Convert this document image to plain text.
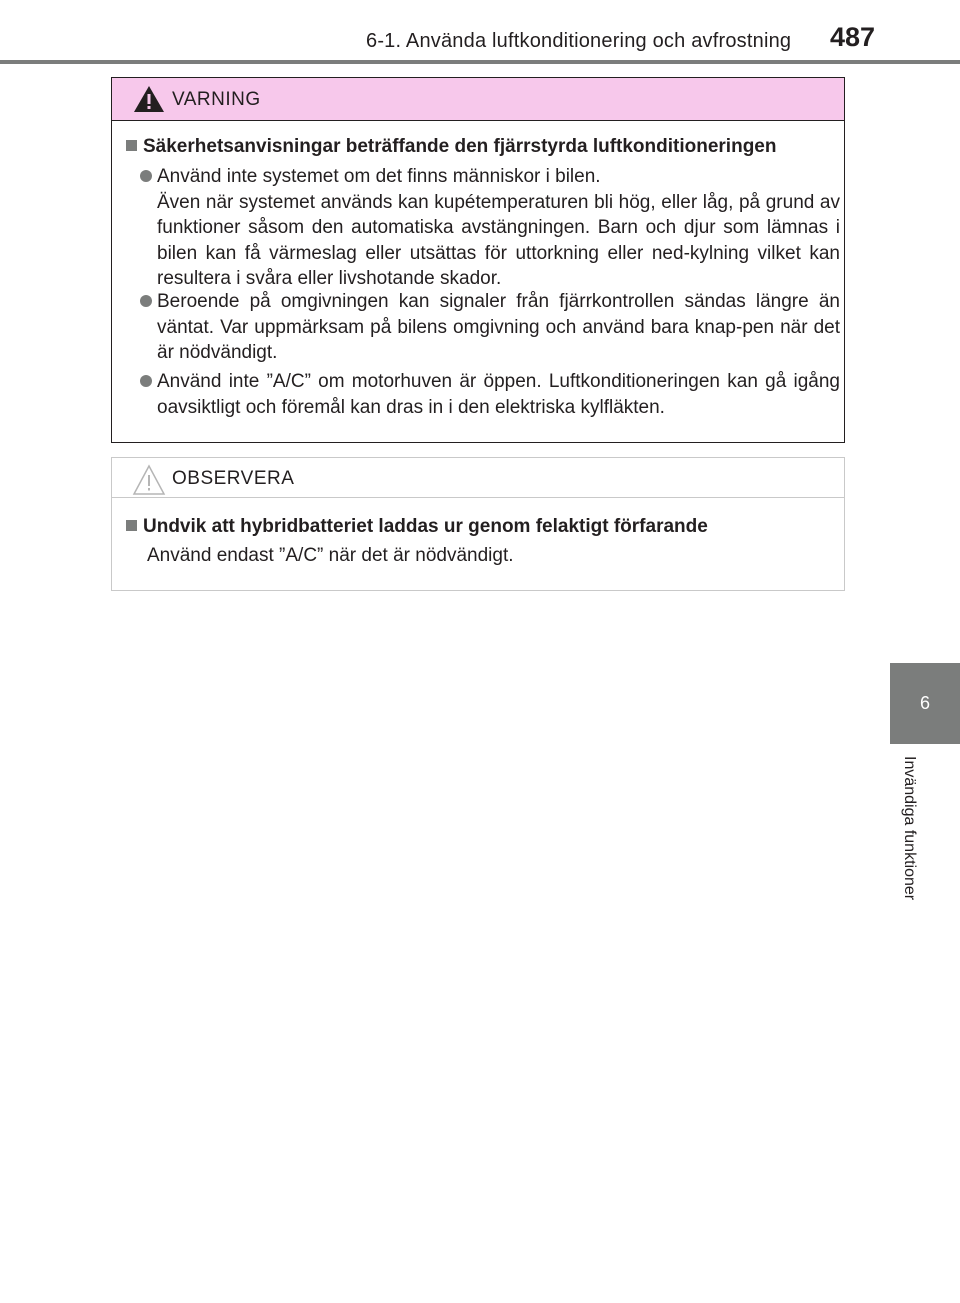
6-1. Använda luftkonditionering och avfrostning 487
6
Invändiga funktioner
VARNING
Säkerhetsanvisningar beträffande den fjärrstyrda luftkonditioneringen
Använd inte systemet om det finns människor i bilen.
Även när systemet används kan kupétemperaturen bli hög, eller låg, på grund av funktioner såsom den automatiska avstängningen. Barn och djur som lämnas i bilen kan få värmeslag eller utsättas för uttorkning eller ned-kylning vilket kan resultera i svåra eller livshotande skador.
Beroende på omgivningen kan signaler från fjärrkontrollen sändas längre än väntat. Var uppmärksam på bilens omgivning och använd bara knap-pen när det är nödvändigt.
Använd inte ”A/C” om motorhuven är öppen. Luftkonditioneringen kan gå igång oavsiktligt och föremål kan dras in i den elektriska kylfläkten.
OBSERVERA
Undvik att hybridbatteriet laddas ur genom felaktigt förfarande
Använd endast ”A/C” när det är nödvändigt.
